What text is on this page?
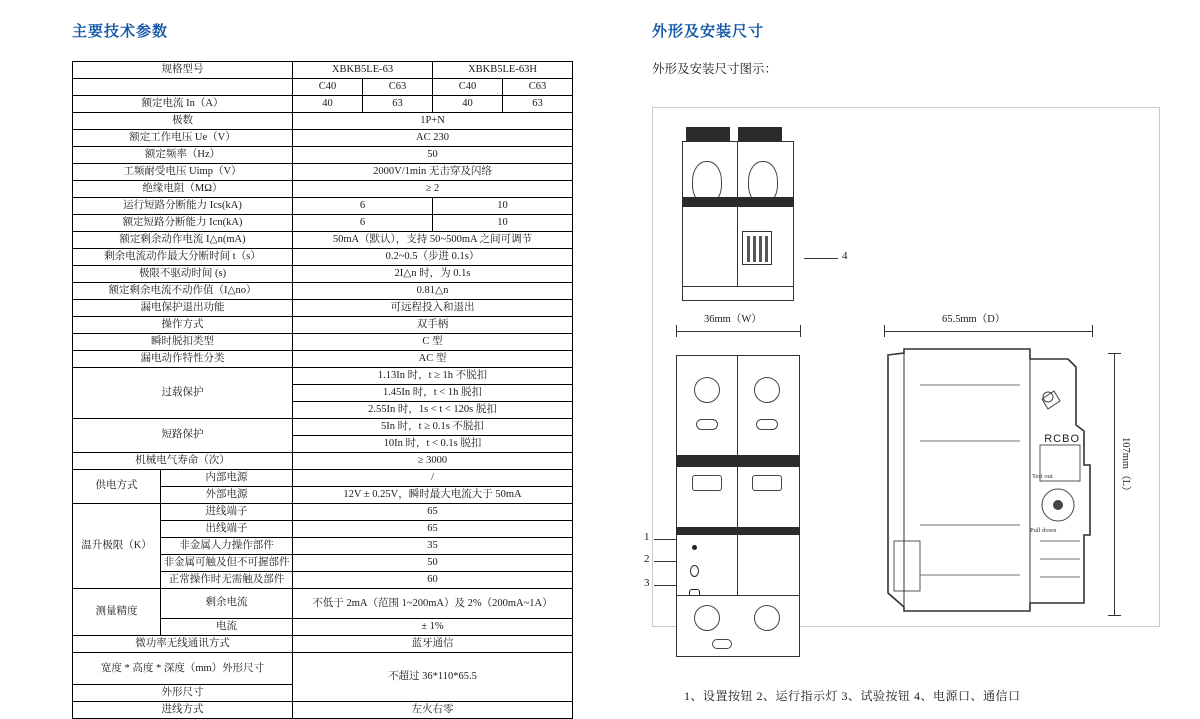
主要技术参数
规格型号		XBKB5LE-63		XBKB5LE-63H	
		C40	C63	C40	C63
额定电流 In（A）		40	63	40	63
极数		1P+N			
额定工作电压 Ue（V）		AC 230			
额定频率（Hz）		50			
工频耐受电压 Uimp（V）		2000V/1min 无击穿及闪络			
绝缘电阻（MΩ）		≥ 2			
运行短路分断能力 Ics(kA)		6		10	
额定短路分断能力 Icn(kA)		6		10	
额定剩余动作电流 I△n(mA)		50mA（默认），支持 50~500mA 之间可调节			
剩余电流动作最大分断时间 t（s）		0.2~0.5（步进 0.1s）			
极限不驱动时间 (s)		2I△n 时，为 0.1s			
额定剩余电流不动作值（I△no）		0.81△n			
漏电保护退出功能		可远程投入和退出			
操作方式		双手柄			
瞬时脱扣类型		C 型			
漏电动作特性分类		AC 型			
过载保护		1.13In 时，t ≥ 1h 不脱扣			
		1.45In 时，t < 1h 脱扣			
		2.55In 时，1s < t < 120s 脱扣			
短路保护		5In 时，t ≥ 0.1s 不脱扣			
		10In 时，t < 0.1s 脱扣			
机械电气寿命（次）		≥ 3000			
供电方式	内部电源	/			
	外部电源	12V ± 0.25V，瞬时最大电流大于 50mA			
温升极限（K）	进线端子	65			
	出线端子	65			
	非金属人力操作部件	35			
	非金属可触及但不可握部件	50			
	正常操作时无需触及部件	60			
测量精度	剩余电流	不低于 2mA（范围 1~200mA）及 2%（200mA~1A）			
	电流	± 1%			
微功率无线通讯方式		蓝牙通信			
宽度 * 高度 * 深度（mm）外形尺寸		不超过 36*110*65.5			
外形尺寸					
进线方式		左火右零			
外形及安装尺寸
外形及安装尺寸图示：
4
36mm（W）	65.5mm（D）
107mm（L）
1
2
3
RCBO
Test out
Pull down
1、设置按钮 2、运行指示灯 3、试验按钮 4、电源口、通信口
